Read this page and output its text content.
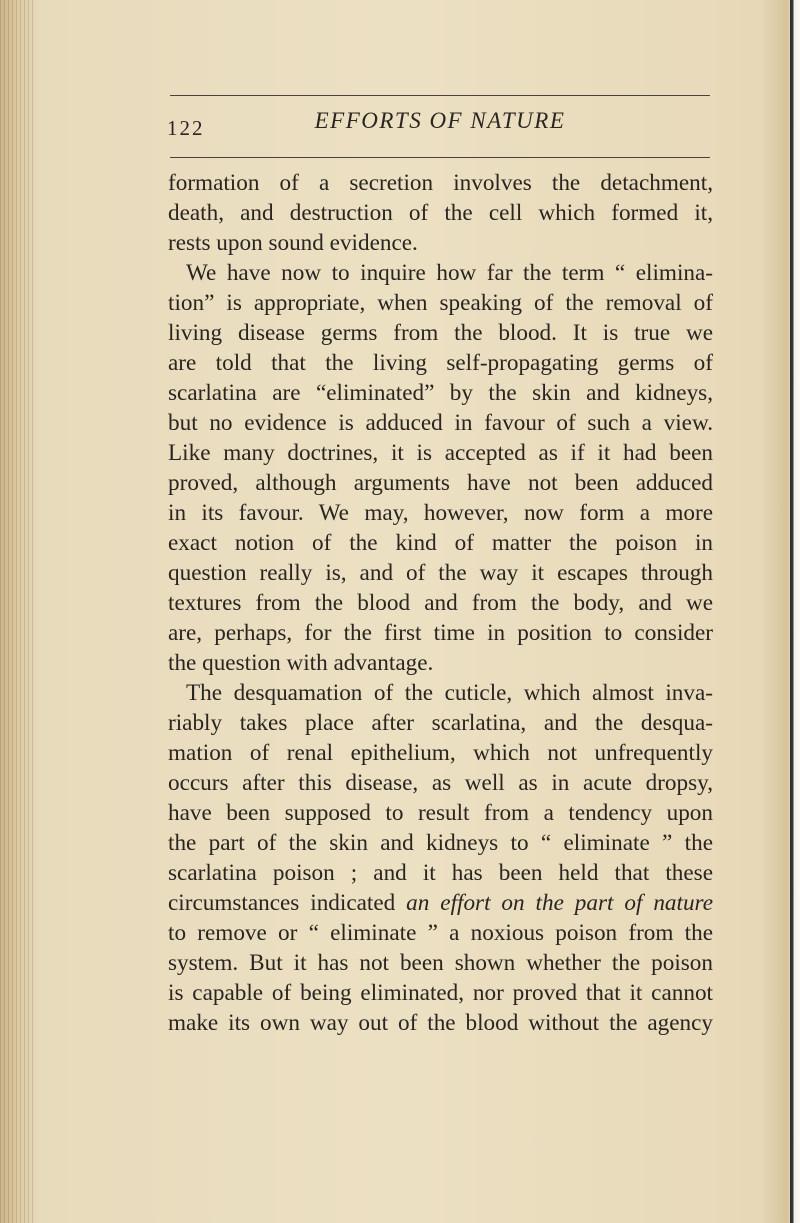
122	EFFORTS OF NATURE
formation of a secretion involves the detachment,
death, and destruction of the cell which formed it,
rests upon sound evidence.
We have now to inquire how far the term “ elimina-
tion” is appropriate, when speaking of the removal of
living disease germs from the blood. It is true we
are told that the living self-propagating germs of
scarlatina are “eliminated” by the skin and kidneys,
but no evidence is adduced in favour of such a view.
Like many doctrines, it is accepted as if it had been
proved, although arguments have not been adduced
in its favour. We may, however, now form a more
exact notion of the kind of matter the poison in
question really is, and of the way it escapes through
textures from the blood and from the body, and we
are, perhaps, for the first time in position to consider
the question with advantage.
The desquamation of the cuticle, which almost inva-
riably takes place after scarlatina, and the desqua-
mation of renal epithelium, which not unfrequently
occurs after this disease, as well as in acute dropsy,
have been supposed to result from a tendency upon
the part of the skin and kidneys to “ eliminate ” the
scarlatina poison ; and it has been held that these
circumstances indicated an effort on the part of nature
to remove or “ eliminate ” a noxious poison from the
system. But it has not been shown whether the poison
is capable of being eliminated, nor proved that it cannot
make its own way out of the blood without the agency
